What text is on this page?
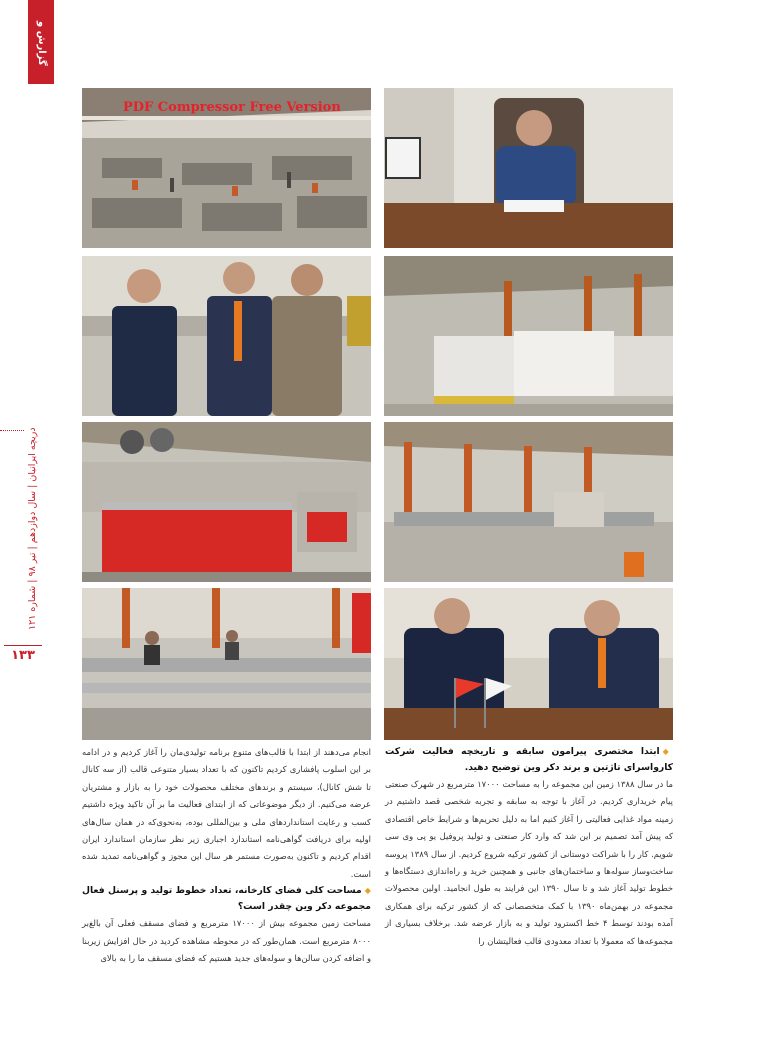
گزارش و گفتگو
دریچه ایرانیان | سال دوازدهم | تیر ۹۸ | شماره ۱۲۱
۱۳۳
PDF Compressor Free Version
◆ابتدا مختصری پیرامون سابقه و تاریخچه فعالیت شرکت کارواسرای تاژتین و برند دکر وین توضیح دهید.

ما در سال ۱۳۸۸ زمین این مجموعه را به مساحت ۱۷۰۰۰ مترمربع در شهرک صنعتی پیام خریداری کردیم. در آغاز با توجه به سابقه و تجربه شخصی قصد داشتیم در زمینه مواد غذایی فعالیتی را آغاز کنیم اما به دلیل تحریم‌ها و شرایط خاص اقتصادی که پیش آمد تصمیم بر این شد که وارد کار صنعتی و تولید پروفیل یو پی وی سی شویم. کار را با شراکت دوستانی از کشور ترکیه شروع کردیم. از سال ۱۳۸۹ پروسه ساخت‌وساز سوله‌ها و ساختمان‌های جانبی و همچنین خرید و راه‌اندازی دستگاه‌ها و خطوط تولید آغاز شد و تا سال ۱۳۹۰ این فرایند به طول انجامید. اولین محصولات مجموعه در بهمن‌ماه ۱۳۹۰ با کمک متخصصانی که از کشور ترکیه برای همکاری آمده بودند توسط ۴ خط اکسترود تولید و به بازار عرضه شد. برخلاف بسیاری از مجموعه‌ها که معمولا با تعداد معدودی قالب فعالیتشان را

انجام می‌دهند از ابتدا با قالب‌های متنوع برنامه تولیدی‌مان را آغاز کردیم و در ادامه بر این اسلوب پافشاری کردیم تاکنون که با تعداد بسیار متنوعی قالب (از سه کانال تا شش کانال)، سیستم و برندهای مختلف محصولات خود را به بازار و مشتریان عرضه می‌کنیم. از دیگر موضوعاتی که از ابتدای فعالیت ما بر آن تاکید ویژه داشتیم کسب و رعایت استانداردهای ملی و بین‌المللی بوده، به‌نحوی‌که در همان سال‌های اولیه برای دریافت گواهی‌نامه استاندارد اجباری زیر نظر سازمان استاندارد ایران اقدام کردیم و تاکنون به‌صورت مستمر هر سال این مجوز و گواهی‌نامه تمدید شده است.

◆مساحت کلی فضای کارخانه، تعداد خطوط تولید و پرسنل فعال مجموعه دکر وین چقدر است؟

مساحت زمین مجموعه بیش از ۱۷۰۰۰ مترمربع و فضای مسقف فعلی آن بالغ‌بر ۸۰۰۰ مترمربع است. همان‌طور که در محوطه مشاهده کردید در حال افزایش زیربنا و اضافه کردن سالن‌ها و سوله‌های جدید هستیم که فضای مسقف ما را به بالای
